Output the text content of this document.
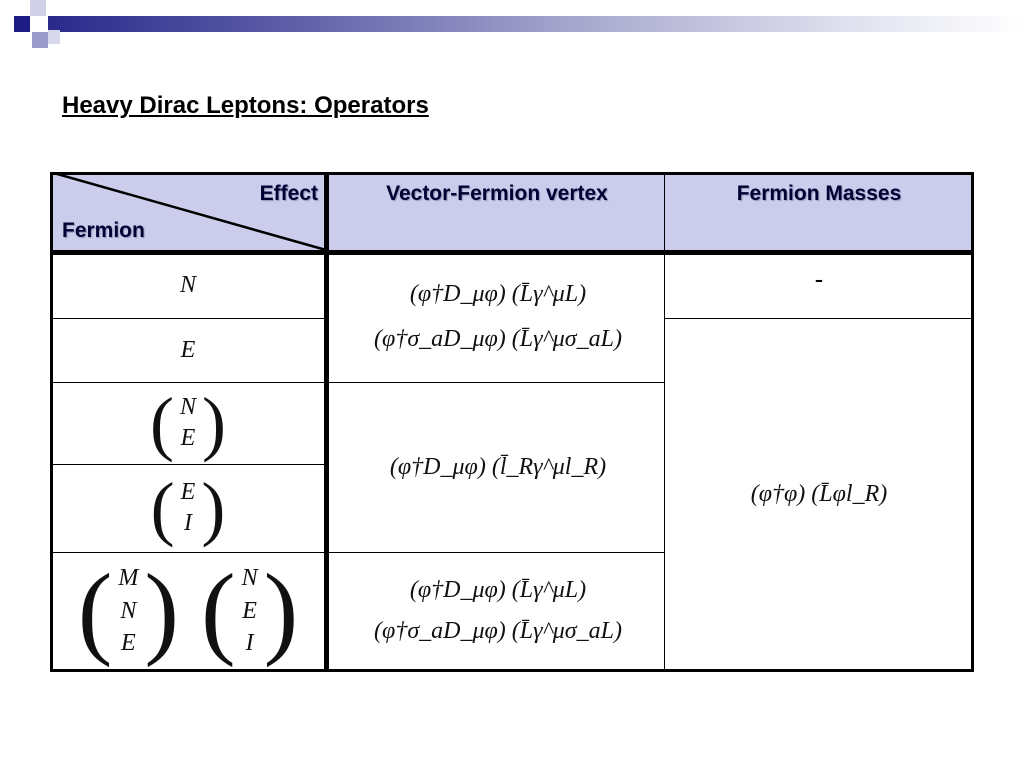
Heavy Dirac Leptons: Operators
Effect
Fermion
Vector-Fermion vertex	Fermion Masses
N
E
( N
E )
( E
I )
( M
N
E ) ( N
E
I )
(φ†D_μφ) (L̄γ^μL)
(φ†σ_aD_μφ) (L̄γ^μσ_aL)
(φ†D_μφ) (l̄_Rγ^μl_R)
(φ†D_μφ) (L̄γ^μL)
(φ†σ_aD_μφ) (L̄γ^μσ_aL)
-
(φ†φ) (L̄φl_R)
